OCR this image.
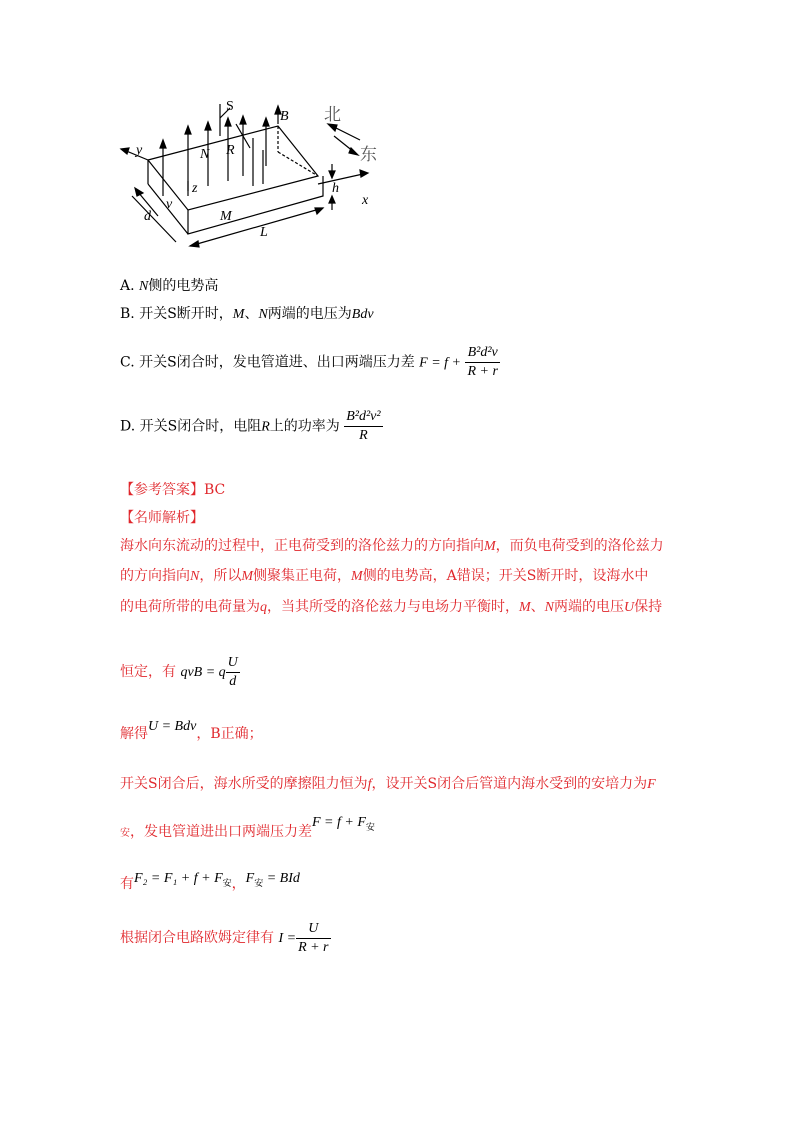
S
B
y	N R
z
v
d	M
h
x
L
北
东
A. N侧的电势高
B. 开关S断开时，M、N两端的电压为Bdv
C. 开关S闭合时，发电管道进、出口两端压力差 $F = f + \frac{\text{B²d²v}}{R + r}$
D. 开关S闭合时，电阻R上的功率为 $\frac{\text{B²d²v²}}{R}$
【参考答案】BC
【名师解析】
海水向东流动的过程中，正电荷受到的洛伦兹力的方向指向M，而负电荷受到的洛伦兹力
的方向指向N，所以M侧聚集正电荷，M侧的电势高，A错误；开关S断开时，设海水中
的电荷所带的电荷量为q，当其所受的洛伦兹力与电场力平衡时，M、N两端的电压U保持
恒定，有 qvB = q $\frac{U}{d}$
解得U = Bdv，B正确；
开关S闭合后，海水所受的摩擦阻力恒为f，设开关S闭合后管道内海水受到的安培力为F
安，发电管道进出口两端压力差$F = f + F_安$
有$F_2 = F_1 + f + F_安$，$F_安$ = BId
根据闭合电路欧姆定律有 $I = \frac{U}{R + r}$
